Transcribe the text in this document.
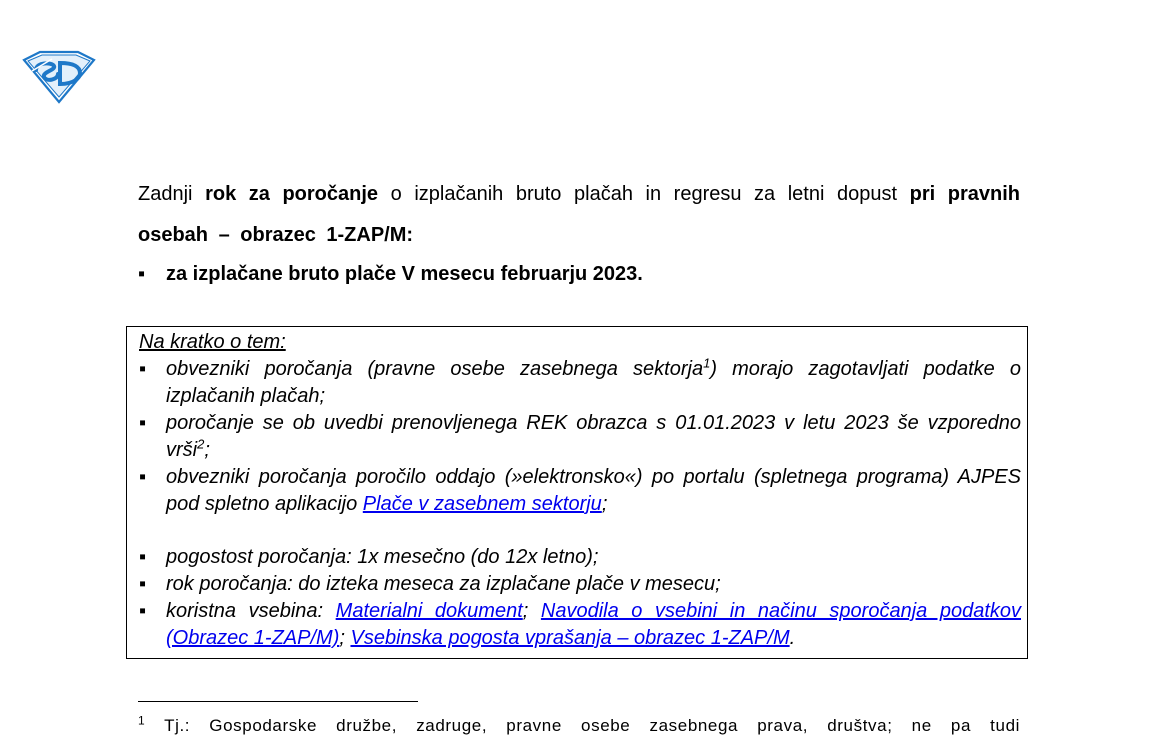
Zadnji rok za poročanje o izplačanih bruto plačah in regresu za letni dopust pri pravnih osebah – obrazec 1-ZAP/M:
▪ za izplačane bruto plače V mesecu februarju 2023.
Na kratko o tem:
▪ obvezniki poročanja (pravne osebe zasebnega sektorja$^1$) morajo zagotavljati podatke o izplačanih plačah;
▪ poročanje se ob uvedbi prenovljenega REK obrazca s 01.01.2023 v letu 2023 še vzporedno vrši$^2$;
▪ obvezniki poročanja poročilo oddajo (»elektronsko«) po portalu (spletnega programa) AJPES pod spletno aplikacijo Plače v zasebnem sektorju;
▪ pogostost poročanja: 1x mesečno (do 12x letno);
▪ rok poročanja: do izteka meseca za izplačane plače v mesecu;
▪ koristna vsebina: Materialni dokument; Navodila o vsebini in načinu sporočanja podatkov (Obrazec 1-ZAP/M); Vsebinska pogosta vprašanja – obrazec 1-ZAP/M.
$^1$ Tj.: Gospodarske družbe, zadruge, pravne osebe zasebnega prava, društva; ne pa tudi
